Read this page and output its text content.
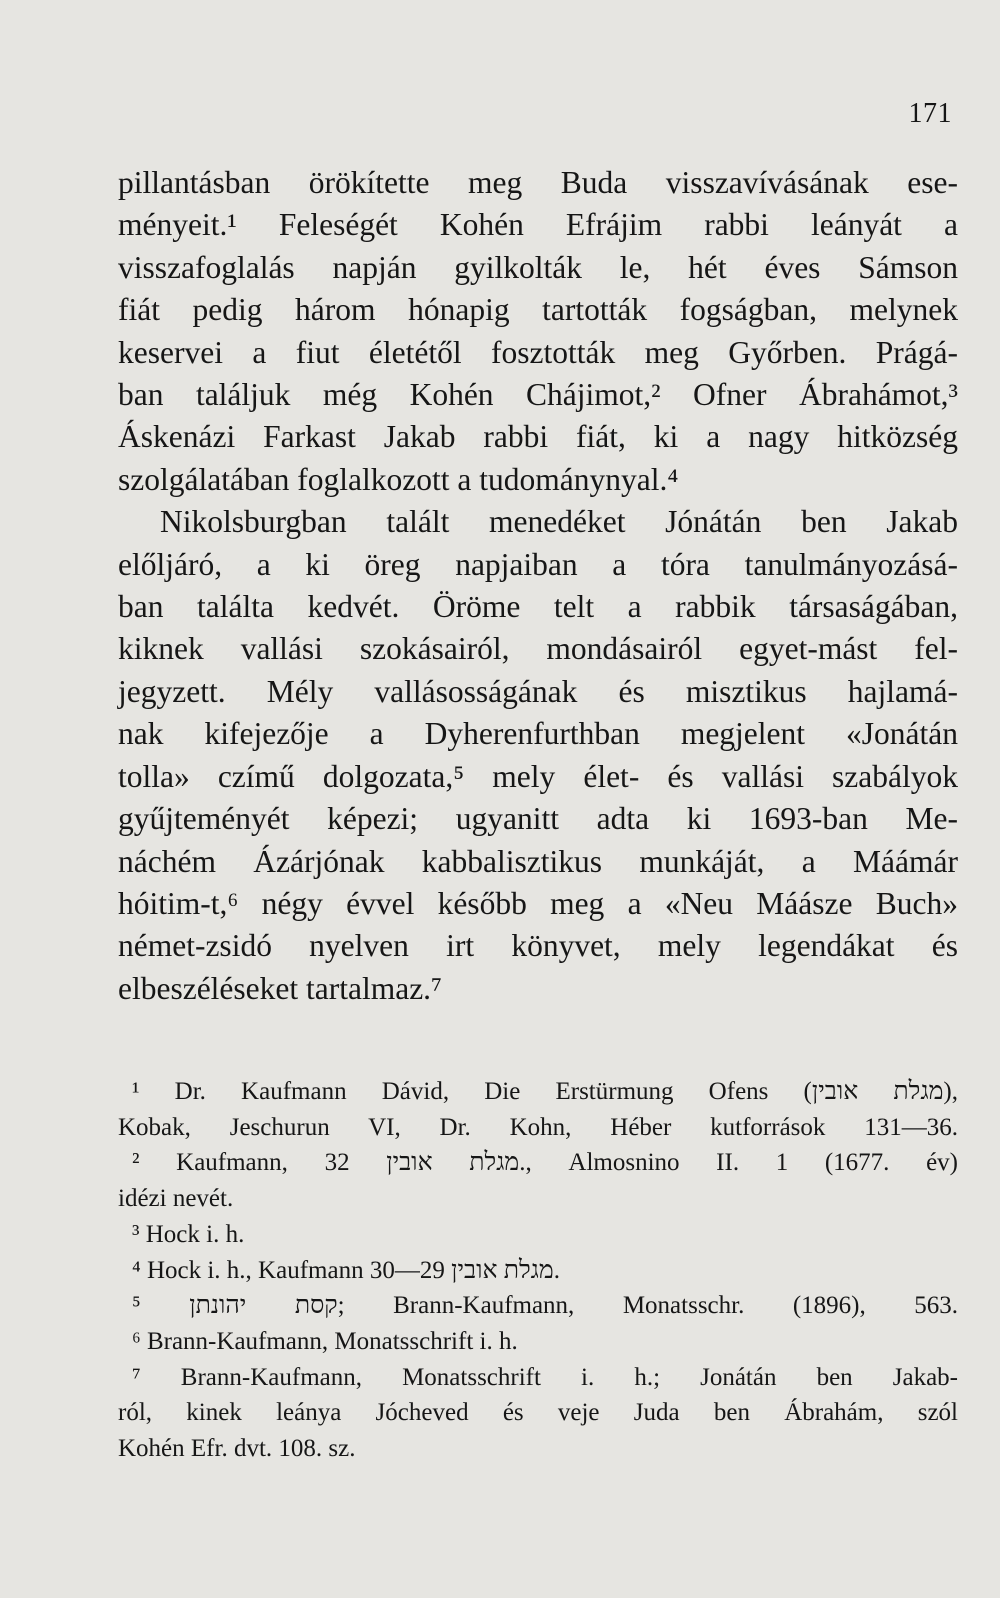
171
pillantásban örökítette meg Buda visszavívásának ese-
ményeit.¹ Feleségét Kohén Efrájim rabbi leányát a
visszafoglalás napján gyilkolták le, hét éves Sámson
fiát pedig három hónapig tartották fogságban, melynek
keservei a fiut életétől fosztották meg Győrben. Prágá-
ban találjuk még Kohén Chájimot,² Ofner Ábrahámot,³
Áskenázi Farkast Jakab rabbi fiát, ki a nagy hitközség
szolgálatában foglalkozott a tudománynyal.⁴
Nikolsburgban talált menedéket Jónátán ben Jakab
előljáró, a ki öreg napjaiban a tóra tanulmányozásá-
ban találta kedvét. Öröme telt a rabbik társaságában,
kiknek vallási szokásairól, mondásairól egyet-mást fel-
jegyzett. Mély vallásosságának és misztikus hajlamá-
nak kifejezője a Dyherenfurthban megjelent «Jonátán
tolla» czímű dolgozata,⁵ mely élet- és vallási szabályok
gyűjteményét képezi; ugyanitt adta ki 1693-ban Me-
náchém Ázárjónak kabbalisztikus munkáját, a Máámár
hóitim-t,⁶ négy évvel később meg a «Neu Máásze Buch»
német-zsidó nyelven irt könyvet, mely legendákat és
elbeszéléseket tartalmaz.⁷
¹ Dr. Kaufmann Dávid, Die Erstürmung Ofens (מגלת אובין),
Kobak, Jeschurun VI, Dr. Kohn, Héber kutforrások 131—36.
² Kaufmann, מגלת אובין 32., Almosnino II. 1 (1677. év)
idézi nevét.
³ Hock i. h.
⁴ Hock i. h., Kaufmann מגלת אובין 29—30.
⁵ קסת יהונתן; Brann-Kaufmann, Monatsschr. (1896), 563.
⁶ Brann-Kaufmann, Monatsschrift i. h.
⁷ Brann-Kaufmann, Monatsschrift i. h.; Jonátán ben Jakab-
ról, kinek leánya Jócheved és veje Juda ben Ábrahám, szól
Kohén Efr. dvt. 108. sz.
